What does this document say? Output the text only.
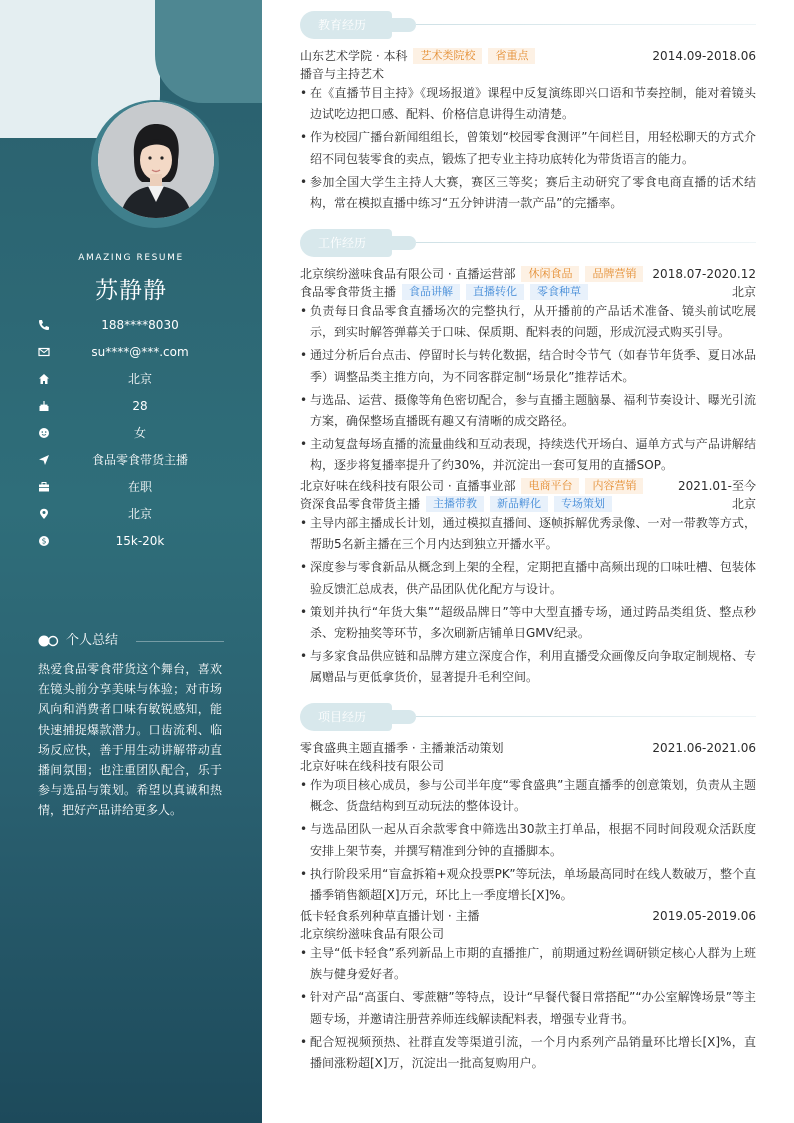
AMAZING RESUME
苏静静
188****8030
su****@***.com
北京
28
女
食品零食带货主播
在职
北京
$	15k-20k
个人总结
热爱食品零食带货这个舞台，喜欢在镜头前分享美味与体验；对市场风向和消费者口味有敏锐感知，能快速捕捉爆款潜力。口齿流利、临场反应快，善于用生动讲解带动直播间氛围；也注重团队配合，乐于参与选品与策划。希望以真诚和热情，把好产品讲给更多人。
教育经历
山东艺术学院 · 本科 艺术类院校 省重点	2014.09-2018.06
播音与主持艺术
• 在《直播节目主持》《现场报道》课程中反复演练即兴口语和节奏控制，能对着镜头边试吃边把口感、配料、价格信息讲得生动清楚。
• 作为校园广播台新闻组组长，曾策划“校园零食测评”午间栏目，用轻松聊天的方式介绍不同包装零食的卖点，锻炼了把专业主持功底转化为带货语言的能力。
• 参加全国大学生主持人大赛，赛区三等奖；赛后主动研究了零食电商直播的话术结构，常在模拟直播中练习“五分钟讲清一款产品”的完播率。
工作经历
北京缤纷滋味食品有限公司 · 直播运营部 休闲食品 品牌营销	2018.07-2020.12
食品零食带货主播 食品讲解 直播转化 零食种草	北京
• 负责每日食品零食直播场次的完整执行，从开播前的产品话术准备、镜头前试吃展示，到实时解答弹幕关于口味、保质期、配料表的问题，形成沉浸式购买引导。
• 通过分析后台点击、停留时长与转化数据，结合时令节气（如春节年货季、夏日冰品季）调整品类主推方向，为不同客群定制“场景化”推荐话术。
• 与选品、运营、摄像等角色密切配合，参与直播主题脑暴、福利节奏设计、曝光引流方案，确保整场直播既有趣又有清晰的成交路径。
• 主动复盘每场直播的流量曲线和互动表现，持续迭代开场白、逼单方式与产品讲解结构，逐步将复播率提升了约30%，并沉淀出一套可复用的直播SOP。
北京好味在线科技有限公司 · 直播事业部 电商平台 内容营销	2021.01-至今
资深食品零食带货主播 主播带教 新品孵化 专场策划	北京
• 主导内部主播成长计划，通过模拟直播间、逐帧拆解优秀录像、一对一带教等方式，帮助5名新主播在三个月内达到独立开播水平。
• 深度参与零食新品从概念到上架的全程，定期把直播中高频出现的口味吐槽、包装体验反馈汇总成表，供产品团队优化配方与设计。
• 策划并执行“年货大集”“超级品牌日”等中大型直播专场，通过跨品类组货、整点秒杀、宠粉抽奖等环节，多次刷新店铺单日GMV纪录。
• 与多家食品供应链和品牌方建立深度合作，利用直播受众画像反向争取定制规格、专属赠品与更低拿货价，显著提升毛利空间。
项目经历
零食盛典主题直播季 · 主播兼活动策划	2021.06-2021.06
北京好味在线科技有限公司
• 作为项目核心成员，参与公司半年度“零食盛典”主题直播季的创意策划，负责从主题概念、货盘结构到互动玩法的整体设计。
• 与选品团队一起从百余款零食中筛选出30款主打单品，根据不同时间段观众活跃度安排上架节奏，并撰写精准到分钟的直播脚本。
• 执行阶段采用“盲盒拆箱+观众投票PK”等玩法，单场最高同时在线人数破万，整个直播季销售额超[X]万元，环比上一季度增长[X]%。
低卡轻食系列种草直播计划 · 主播	2019.05-2019.06
北京缤纷滋味食品有限公司
• 主导“低卡轻食”系列新品上市期的直播推广，前期通过粉丝调研锁定核心人群为上班族与健身爱好者。
• 针对产品“高蛋白、零蔗糖”等特点，设计“早餐代餐日常搭配”“办公室解馋场景”等主题专场，并邀请注册营养师连线解读配料表，增强专业背书。
• 配合短视频预热、社群直发等渠道引流，一个月内系列产品销量环比增长[X]%，直播间涨粉超[X]万，沉淀出一批高复购用户。
